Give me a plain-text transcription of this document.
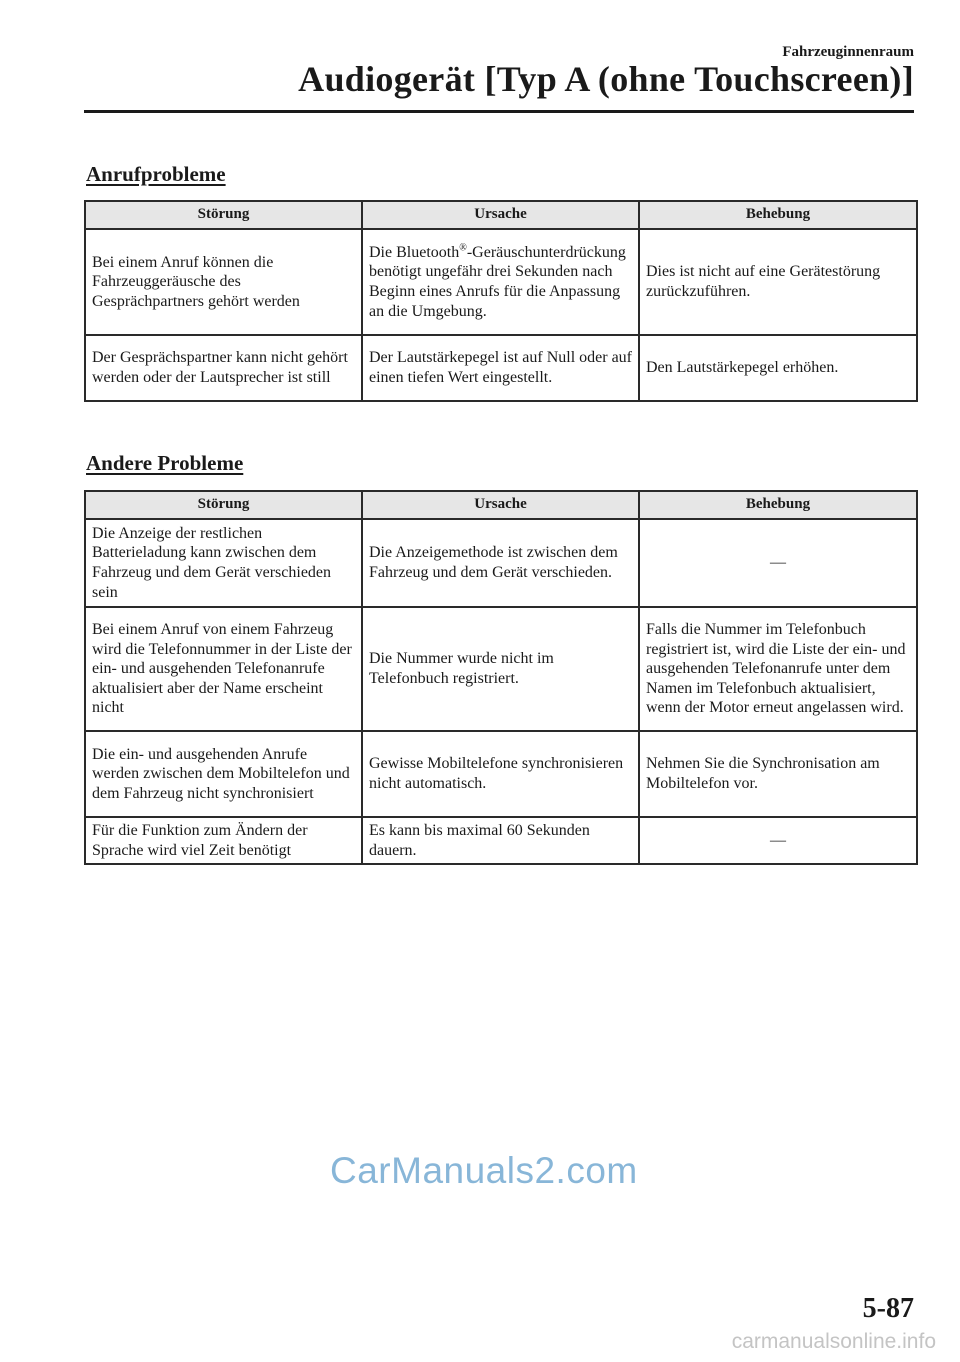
Fahrzeuginnenraum
Audiogerät [Typ A (ohne Touchscreen)]
Anrufprobleme
Störung	Ursache	Behebung
Bei einem Anruf können die Fahrzeuggeräusche des Gesprächpartners gehört werden	Die Bluetooth®-Geräuschunterdrückung benötigt ungefähr drei Sekunden nach Beginn eines Anrufs für die Anpassung an die Umgebung.	Dies ist nicht auf eine Gerätestörung zurückzuführen.
Der Gesprächspartner kann nicht gehört werden oder der Lautsprecher ist still	Der Lautstärkepegel ist auf Null oder auf einen tiefen Wert eingestellt.	Den Lautstärkepegel erhöhen.
Andere Probleme
Störung	Ursache	Behebung
Die Anzeige der restlichen Batterieladung kann zwischen dem Fahrzeug und dem Gerät verschieden sein	Die Anzeigemethode ist zwischen dem Fahrzeug und dem Gerät verschieden.	—
Bei einem Anruf von einem Fahrzeug wird die Telefonnummer in der Liste der ein- und ausgehenden Telefonanrufe aktualisiert aber der Name erscheint nicht	Die Nummer wurde nicht im Telefonbuch registriert.	Falls die Nummer im Telefonbuch registriert ist, wird die Liste der ein- und ausgehenden Telefonanrufe unter dem Namen im Telefonbuch aktualisiert, wenn der Motor erneut angelassen wird.
Die ein- und ausgehenden Anrufe werden zwischen dem Mobiltelefon und dem Fahrzeug nicht synchronisiert	Gewisse Mobiltelefone synchronisieren nicht automatisch.	Nehmen Sie die Synchronisation am Mobiltelefon vor.
Für die Funktion zum Ändern der Sprache wird viel Zeit benötigt	Es kann bis maximal 60 Sekunden dauern.	—
CarManuals2.com
5-87
carmanualsonline.info
